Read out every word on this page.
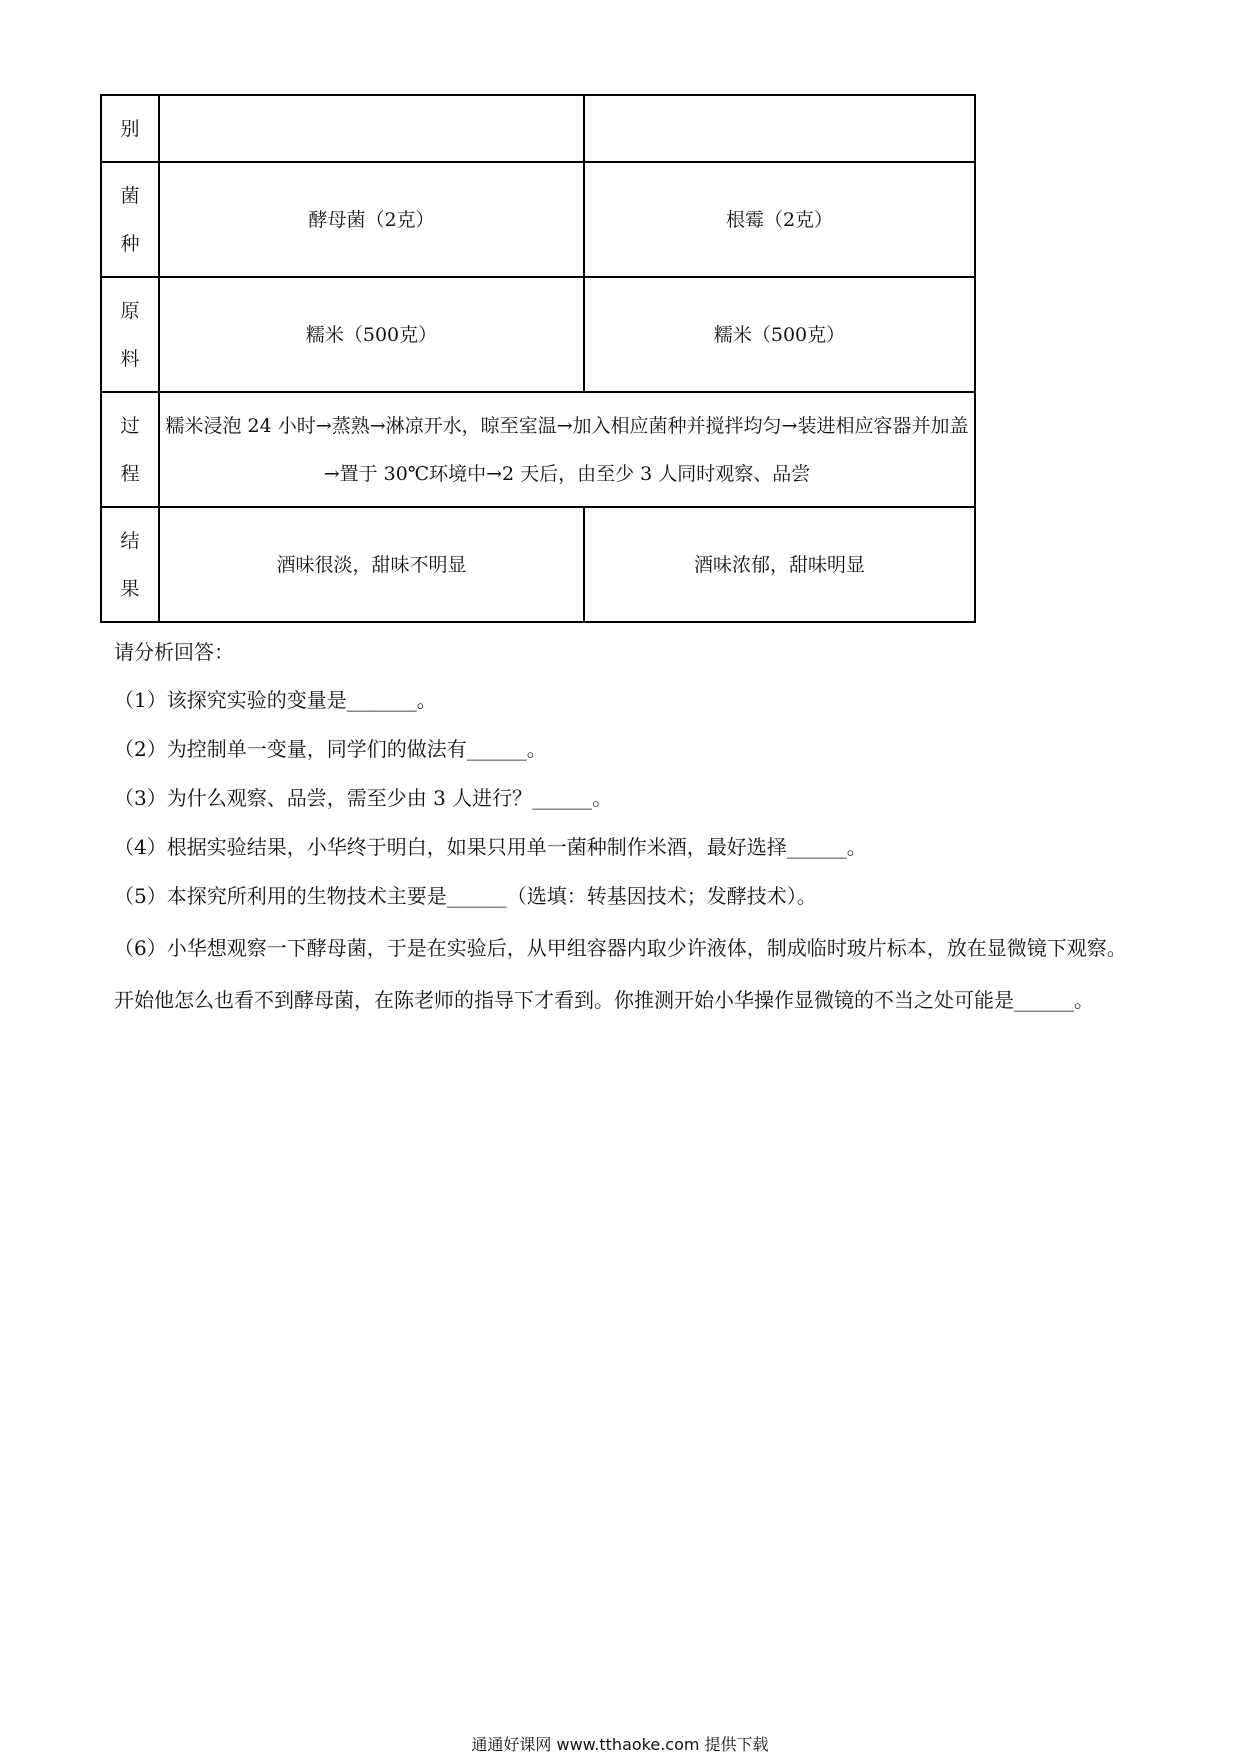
别		

菌
种	酵母菌（2克）	根霉（2克）

原
料	糯米（500克）	糯米（500克）

过
程	糯米浸泡 24 小时→蒸熟→淋凉开水，晾至室温→加入相应菌种并搅拌均匀→装进相应容器并加盖→置于 30℃环境中→2 天后，由至少 3 人同时观察、品尝	

结
果	酒味很淡，甜味不明显	酒味浓郁，甜味明显
请分析回答：
（1）该探究实验的变量是_______。
（2）为控制单一变量，同学们的做法有______。
（3）为什么观察、品尝，需至少由 3 人进行？______。
（4）根据实验结果，小华终于明白，如果只用单一菌种制作米酒，最好选择______。
（5）本探究所利用的生物技术主要是______（选填：转基因技术；发酵技术）。
（6）小华想观察一下酵母菌，于是在实验后，从甲组容器内取少许液体，制成临时玻片标本，放在显微镜下观察。开始他怎么也看不到酵母菌，在陈老师的指导下才看到。你推测开始小华操作显微镜的不当之处可能是______。
通通好课网 www.tthaoke.com 提供下载
